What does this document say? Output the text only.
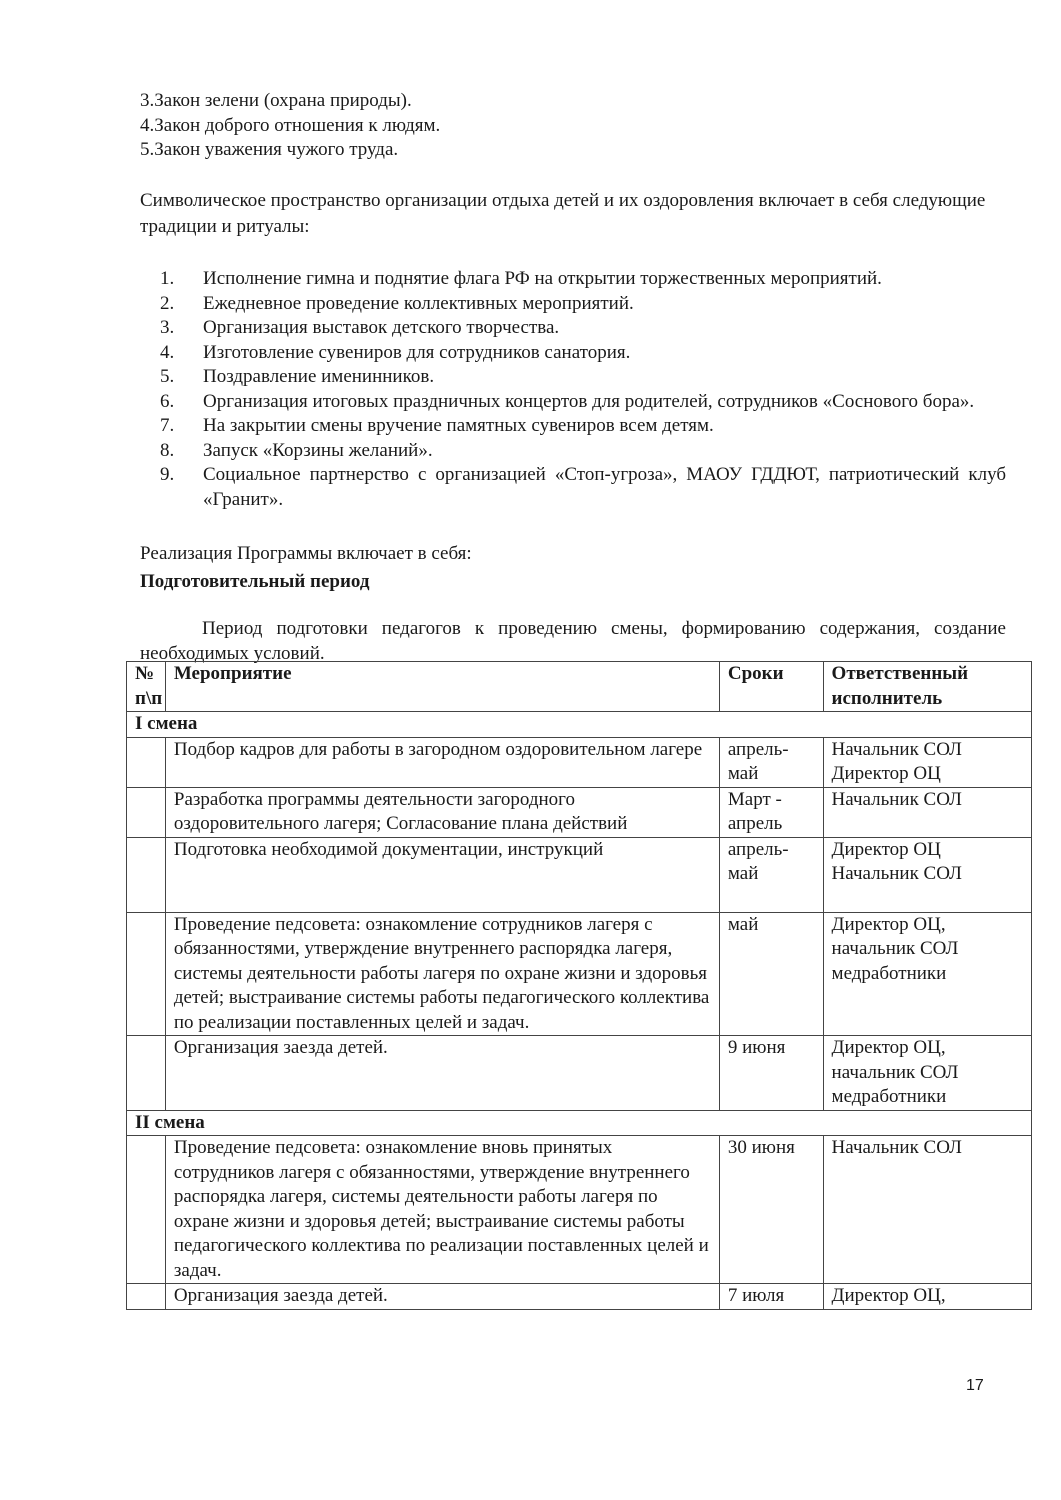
3.Закон зелени (охрана природы).
4.Закон доброго отношения к людям.
5.Закон уважения чужого труда.
Символическое пространство организации отдыха детей и их оздоровления включает в себя следующие традиции и ритуалы:
1.	Исполнение гимна и поднятие флага РФ на открытии торжественных мероприятий.
2.	Ежедневное проведение коллективных мероприятий.
3.	Организация выставок детского творчества.
4.	Изготовление сувениров для сотрудников санатория.
5.	Поздравление именинников.
6.	Организация итоговых праздничных концертов для родителей, сотрудников «Соснового бора».
7.	На закрытии смены вручение памятных сувениров всем детям.
8.	Запуск «Корзины желаний».
9.	Социальное партнерство с организацией «Стоп-угроза», МАОУ ГДДЮТ, патриотический клуб «Гранит».
Реализация Программы включает в себя:
Подготовительный период
Период подготовки педагогов к проведению смены, формированию содержания, создание необходимых условий.
№ п\п	Мероприятие	Сроки	Ответственный исполнитель
I смена			
	Подбор кадров для работы в загородном оздоровительном лагере	апрель-май	Начальник СОЛ Директор ОЦ
	Разработка программы деятельности загородного оздоровительного лагеря; Согласование плана действий	Март - апрель	Начальник СОЛ
	Подготовка необходимой документации, инструкций	апрель-май	Директор ОЦ Начальник СОЛ
	Проведение педсовета: ознакомление сотрудников лагеря с обязанностями, утверждение внутреннего распорядка лагеря, системы деятельности работы лагеря по охране жизни и здоровья детей; выстраивание системы работы педагогического коллектива по реализации поставленных целей и задач.	май	Директор ОЦ, начальник СОЛ медработники
	Организация заезда детей.	9 июня	Директор ОЦ, начальник СОЛ медработники
II смена			
	Проведение педсовета: ознакомление вновь принятых сотрудников лагеря с обязанностями, утверждение внутреннего распорядка лагеря, системы деятельности работы лагеря по охране жизни и здоровья детей; выстраивание системы работы педагогического коллектива по реализации поставленных целей и задач.	30 июня	Начальник СОЛ
	Организация заезда детей.	7 июля	Директор ОЦ,
17
